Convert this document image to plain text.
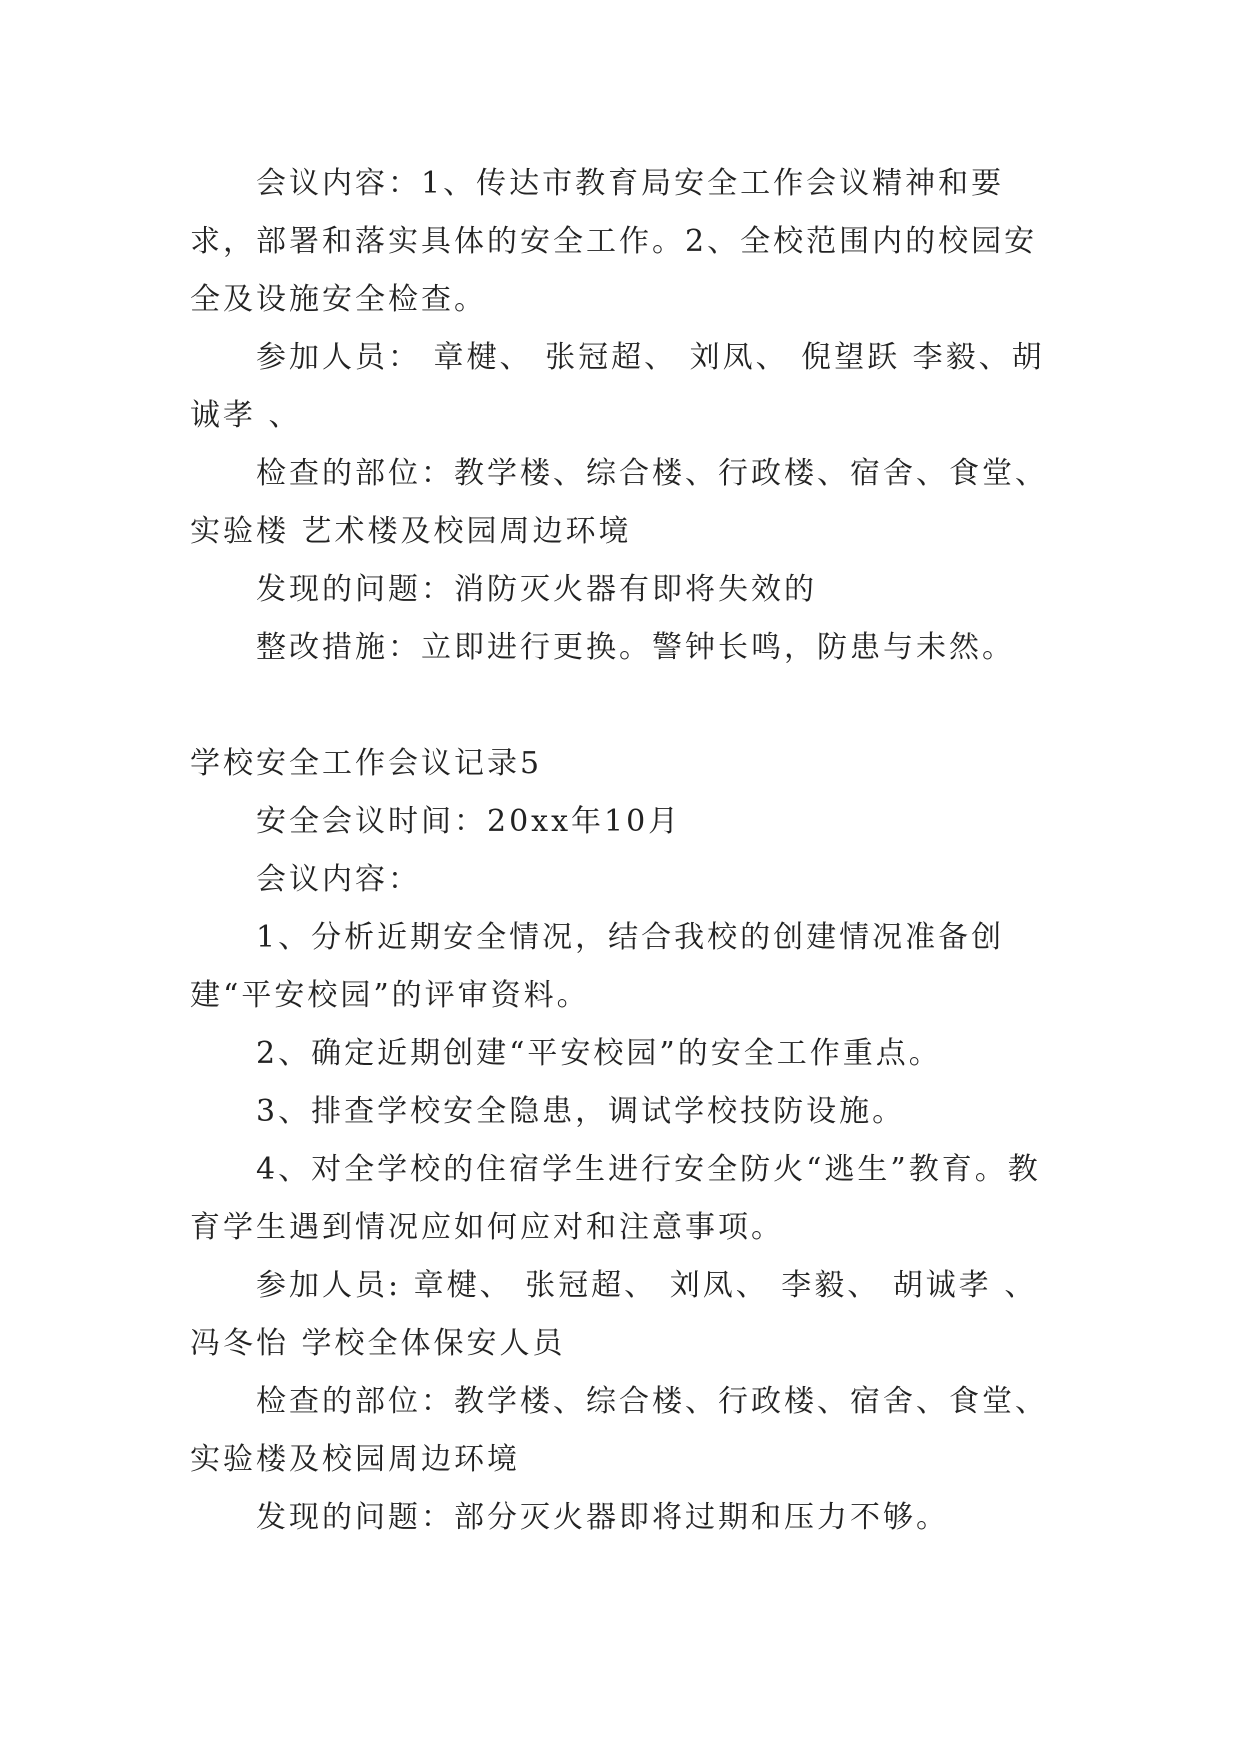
会议内容：1、传达市教育局安全工作会议精神和要求，部署和落实具体的安全工作。2、全校范围内的校园安全及设施安全检查。

参加人员： 章楗、 张冠超、 刘凤、 倪望跃 李毅、胡诚孝 、

检查的部位：教学楼、综合楼、行政楼、宿舍、食堂、实验楼 艺术楼及校园周边环境

发现的问题：消防灭火器有即将失效的

整改措施：立即进行更换。警钟长鸣，防患与未然。

学校安全工作会议记录5

安全会议时间：20xx年10月

会议内容：

1、分析近期安全情况，结合我校的创建情况准备创建“平安校园”的评审资料。

2、确定近期创建“平安校园”的安全工作重点。

3、排查学校安全隐患，调试学校技防设施。

4、对全学校的住宿学生进行安全防火“逃生”教育。教育学生遇到情况应如何应对和注意事项。

参加人员: 章楗、 张冠超、 刘凤、 李毅、 胡诚孝 、冯冬怡 学校全体保安人员

检查的部位：教学楼、综合楼、行政楼、宿舍、食堂、实验楼及校园周边环境

发现的问题：部分灭火器即将过期和压力不够。
